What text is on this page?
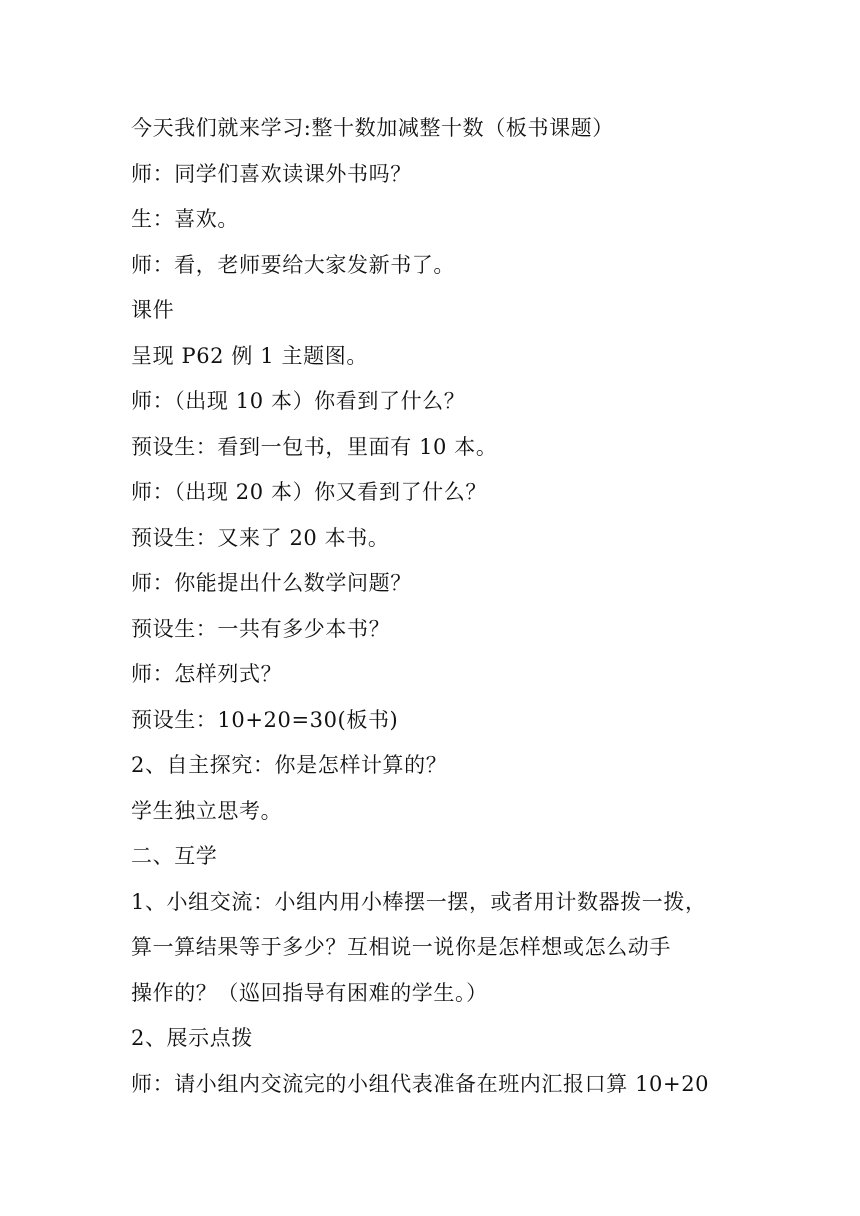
今天我们就来学习:整十数加减整十数（板书课题）
师：同学们喜欢读课外书吗？
生：喜欢。
师：看，老师要给大家发新书了。
课件
呈现 P62 例 1 主题图。
师：（出现 10 本）你看到了什么？
预设生：看到一包书，里面有 10 本。
师：（出现 20 本）你又看到了什么？
预设生：又来了 20 本书。
师：你能提出什么数学问题？
预设生：一共有多少本书？
师：怎样列式？
预设生：10+20=30(板书)
2、自主探究：你是怎样计算的？
学生独立思考。
二、互学
1、小组交流：小组内用小棒摆一摆，或者用计数器拨一拨，
算一算结果等于多少？互相说一说你是怎样想或怎么动手
操作的？（巡回指导有困难的学生。）
2、展示点拨
师：请小组内交流完的小组代表准备在班内汇报口算 10+20
